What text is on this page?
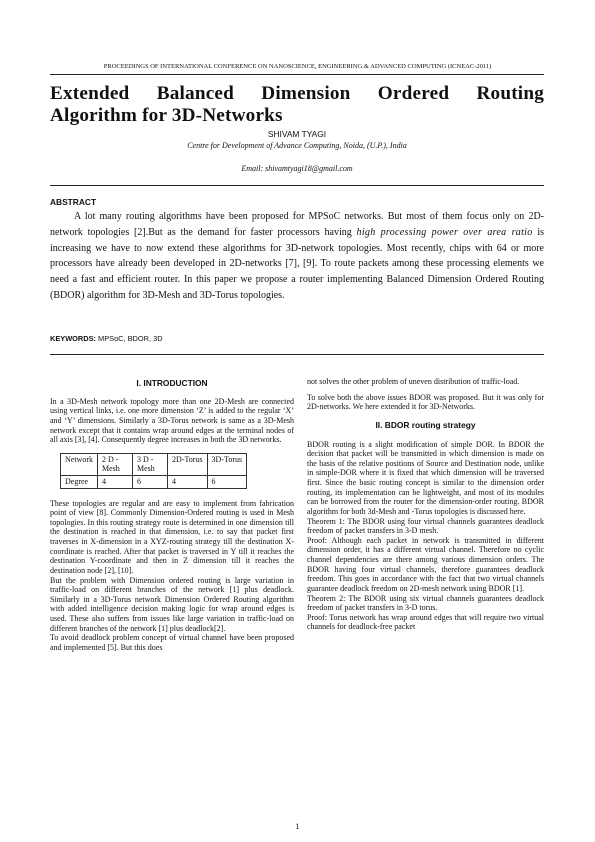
PROCEEDINGS OF INTERNATIONAL CONFERENCE ON NANOSCIENCE, ENGINEERING & ADVANCED COMPUTING (ICNEAC-2011)
Extended Balanced Dimension Ordered Routing Algorithm for 3D-Networks
SHIVAM TYAGI
Centre for Development of Advance Computing, Noida, (U.P.), India
Email: shivamtyagi18@gmail.com
ABSTRACT

A lot many routing algorithms have been proposed for MPSoC networks. But most of them focus only on 2D-network topologies [2].But as the demand for faster processors having high processing power over area ratio is increasing we have to now extend these algorithms for 3D-network topologies. Most recently, chips with 64 or more processors have already been developed in 2D-networks [7], [9]. To route packets among these processing elements we need a fast and efficient router. In this paper we propose a router implementing Balanced Dimension Ordered Routing (BDOR) algorithm for 3D-Mesh and 3D-Torus topologies.

KEYWORDS: MPSoC, BDOR, 3D
I. INTRODUCTION

In a 3D-Mesh network topology more than one 2D-Mesh are connected using vertical links, i.e. one more dimension ‘Z’ is added to the regular ‘X’ and ‘Y’ dimensions. Similarly a 3D-Torus network is same as a 3D-Mesh network except that it contains wrap around edges at the terminal nodes of all axis [3], [4]. Consequently degree increases in both the 3D networks.

Network	2 D - Mesh	3 D - Mesh	2D-Torus	3D-Torus
Degree	4	6	4	6

These topologies are regular and are easy to implement from fabrication point of view [8]. Commonly Dimension-Ordered routing is used in Mesh topologies. In this routing strategy route is determined in one dimension till the destination is reached in that dimension, i.e. to say that packet first traverses in X-dimension in a XYZ-routing strategy till the destination X-coordinate is reached. After that packet is traversed in Y till it reaches the destination Y-coordinate and then in Z dimension till it reaches the destination node [2], [10].

But the problem with Dimension ordered routing is large variation in traffic-load on different branches of the network [1] plus deadlock. Similarly in a 3D-Torus network Dimension Ordered Routing algorithm with added intelligence decision making logic for wrap around edges is used. These also suffers from issues like large variation in traffic-load on different branches of the network [1] plus deadlock[2].

To avoid deadlock problem concept of virtual channel have been proposed and implemented [5]. But this does

not solves the other problem of uneven distribution of traffic-load.

To solve both the above issues BDOR was proposed. But it was only for 2D-networks. We here extended it for 3D-Networks.

II. BDOR routing strategy

BDOR routing is a slight modification of simple DOR. In BDOR the decision that packet will be transmitted in which dimension is made on the basis of the relative positions of Source and Destination node, unlike in simple-DOR where it is fixed that which dimension will be traversed first. Since the basic routing concept is similar to the dimension order routing, its implementation can be lightweight, and most of its modules can be borrowed from the router for the dimension-order routing. BDOR algorithm for both 3d-Mesh and -Torus topologies is discussed here.

Theorem 1: The BDOR using four virtual channels guarantees deadlock freedom of packet transfers in 3-D mesh.

Proof: Although each packet in network is transmitted in different dimension order, it has a different virtual channel. Therefore no cyclic channel dependencies are there among various dimension orders. The BDOR having four virtual channels, therefore guarantees deadlock freedom. This goes in accordance with the fact that two virtual channels guarantee deadlock freedom on 2D-mesh network using BDOR [1].

Theorem 2: The BDOR using six virtual channels guarantees deadlock freedom of packet transfers in 3-D torus.

Proof: Torus network has wrap around edges that will require two virtual channels for deadlock-free packet

1
